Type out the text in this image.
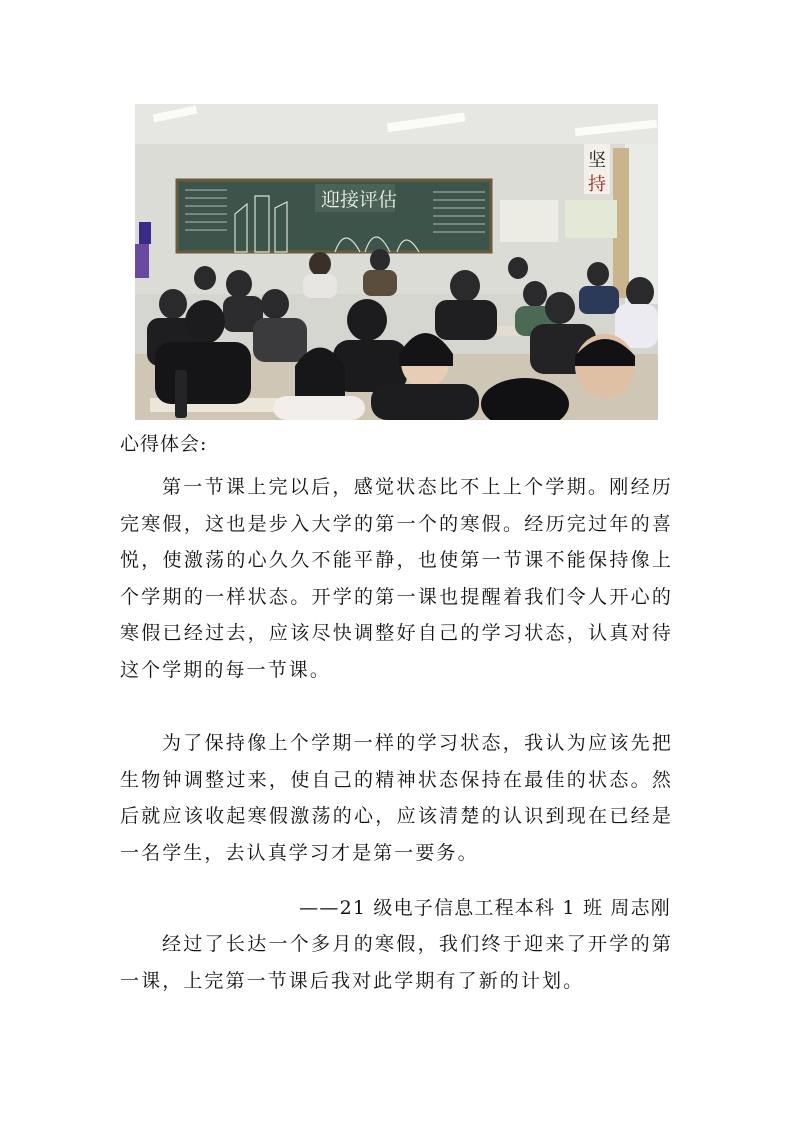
坚
持
迎接评估
心得体会:

第一节课上完以后，感觉状态比不上上个学期。刚经历完寒假，这也是步入大学的第一个的寒假。经历完过年的喜悦，使激荡的心久久不能平静，也使第一节课不能保持像上个学期的一样状态。开学的第一课也提醒着我们令人开心的寒假已经过去，应该尽快调整好自己的学习状态，认真对待这个学期的每一节课。

为了保持像上个学期一样的学习状态，我认为应该先把生物钟调整过来，使自己的精神状态保持在最佳的状态。然后就应该收起寒假激荡的心，应该清楚的认识到现在已经是一名学生，去认真学习才是第一要务。

——21 级电子信息工程本科 1 班 周志刚

经过了长达一个多月的寒假，我们终于迎来了开学的第一课，上完第一节课后我对此学期有了新的计划。
